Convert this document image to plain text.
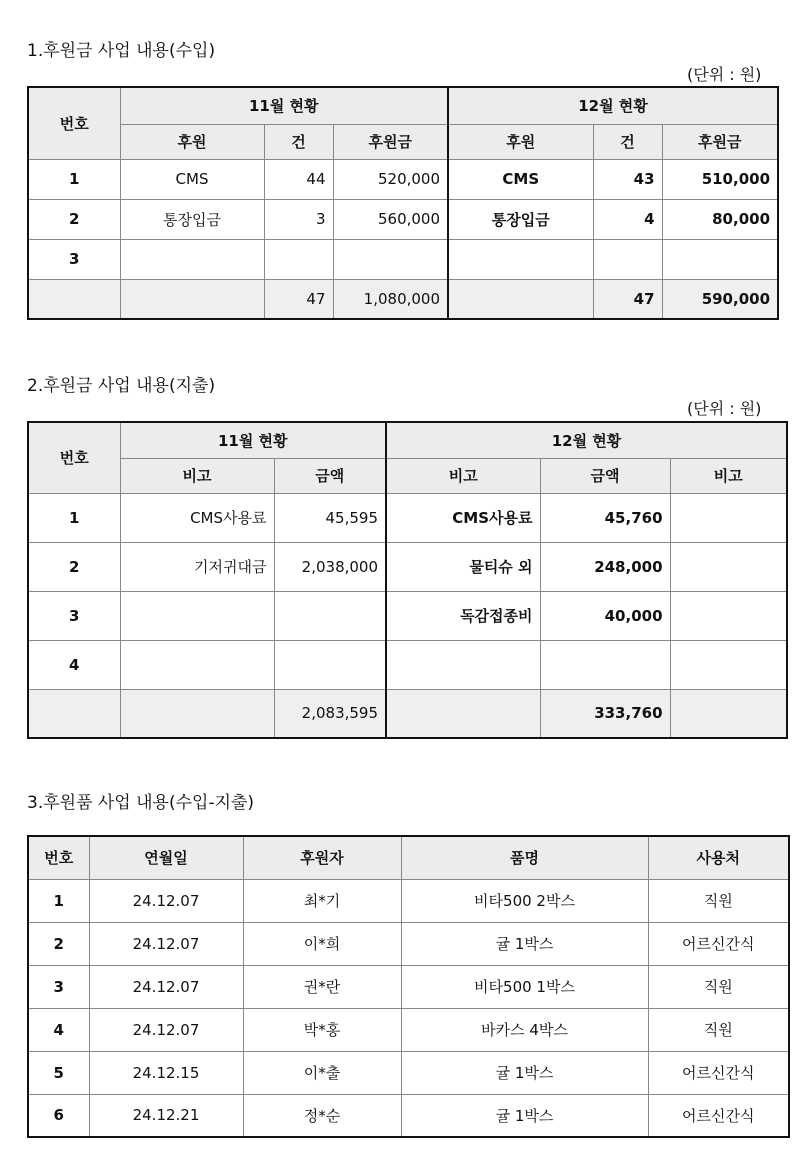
1.후원금 사업 내용(수입)
(단위 : 원)
번호	11월 현황			12월 현황		
	후원	건	후원금	후원	건	후원금
1	CMS	44	520,000	CMS	43	510,000
2	통장입금	3	560,000	통장입금	4	80,000
3						
		47	1,080,000		47	590,000
2.후원금 사업 내용(지출)
(단위 : 원)
번호	11월 현황		12월 현황		
	비고	금액	비고	금액	비고
1	CMS사용료	45,595	CMS사용료	45,760	
2	기저귀대금	2,038,000	물티슈 외	248,000	
3			독감접종비	40,000	
4					
		2,083,595		333,760	
3.후원품 사업 내용(수입-지출)
번호	연월일	후원자	품명	사용처
1	24.12.07	최*기	비타500 2박스	직원
2	24.12.07	이*희	귤 1박스	어르신간식
3	24.12.07	권*란	비타500 1박스	직원
4	24.12.07	박*홍	바카스 4박스	직원
5	24.12.15	이*출	귤 1박스	어르신간식
6	24.12.21	정*순	귤 1박스	어르신간식
